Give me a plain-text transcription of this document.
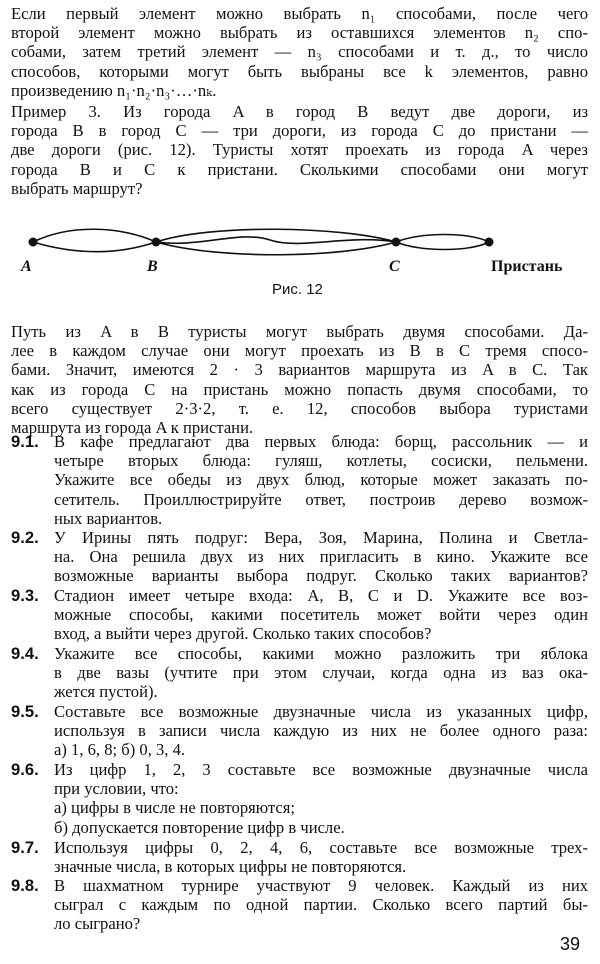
Если первый элемент можно выбрать n₁ способами, после чего
второй элемент можно выбрать из оставшихся элементов n₂ спо-
собами, затем третий элемент — n₃ способами и т. д., то число
способов, которыми могут быть выбраны все k элементов, равно
произведению n₁·n₂·n₃·…·nₖ.
Пример 3. Из города A в город B ведут две дороги, из
города B в город C — три дороги, из города C до пристани —
две дороги (рис. 12). Туристы хотят проехать из города A через
города B и C к пристани. Сколькими способами они могут
выбрать маршрут?
A	B	C	Пристань
Рис. 12
Путь из A в B туристы могут выбрать двумя способами. Да-
лее в каждом случае они могут проехать из B в C тремя спосо-
бами. Значит, имеются 2 · 3 вариантов маршрута из A в C. Так
как из города C на пристань можно попасть двумя способами, то
всего существует 2·3·2, т. е. 12, способов выбора туристами
маршрута из города A к пристани.
9.1. В кафе предлагают два первых блюда: борщ, рассольник — и
четыре вторых блюда: гуляш, котлеты, сосиски, пельмени.
Укажите все обеды из двух блюд, которые может заказать по-
сетитель. Проиллюстрируйте ответ, построив дерево возмож-
ных вариантов.
9.2. У Ирины пять подруг: Вера, Зоя, Марина, Полина и Светла-
на. Она решила двух из них пригласить в кино. Укажите все
возможные варианты выбора подруг. Сколько таких вариантов?
9.3. Стадион имеет четыре входа: A, B, C и D. Укажите все воз-
можные способы, какими посетитель может войти через один
вход, а выйти через другой. Сколько таких способов?
9.4. Укажите все способы, какими можно разложить три яблока
в две вазы (учтите при этом случаи, когда одна из ваз ока-
жется пустой).
9.5. Составьте все возможные двузначные числа из указанных цифр,
используя в записи числа каждую из них не более одного раза:
а) 1, 6, 8; б) 0, 3, 4.
9.6. Из цифр 1, 2, 3 составьте все возможные двузначные числа
при условии, что:
а) цифры в числе не повторяются;
б) допускается повторение цифр в числе.
9.7. Используя цифры 0, 2, 4, 6, составьте все возможные трех-
значные числа, в которых цифры не повторяются.
9.8. В шахматном турнире участвуют 9 человек. Каждый из них
сыграл с каждым по одной партии. Сколько всего партий бы-
ло сыграно?
39
